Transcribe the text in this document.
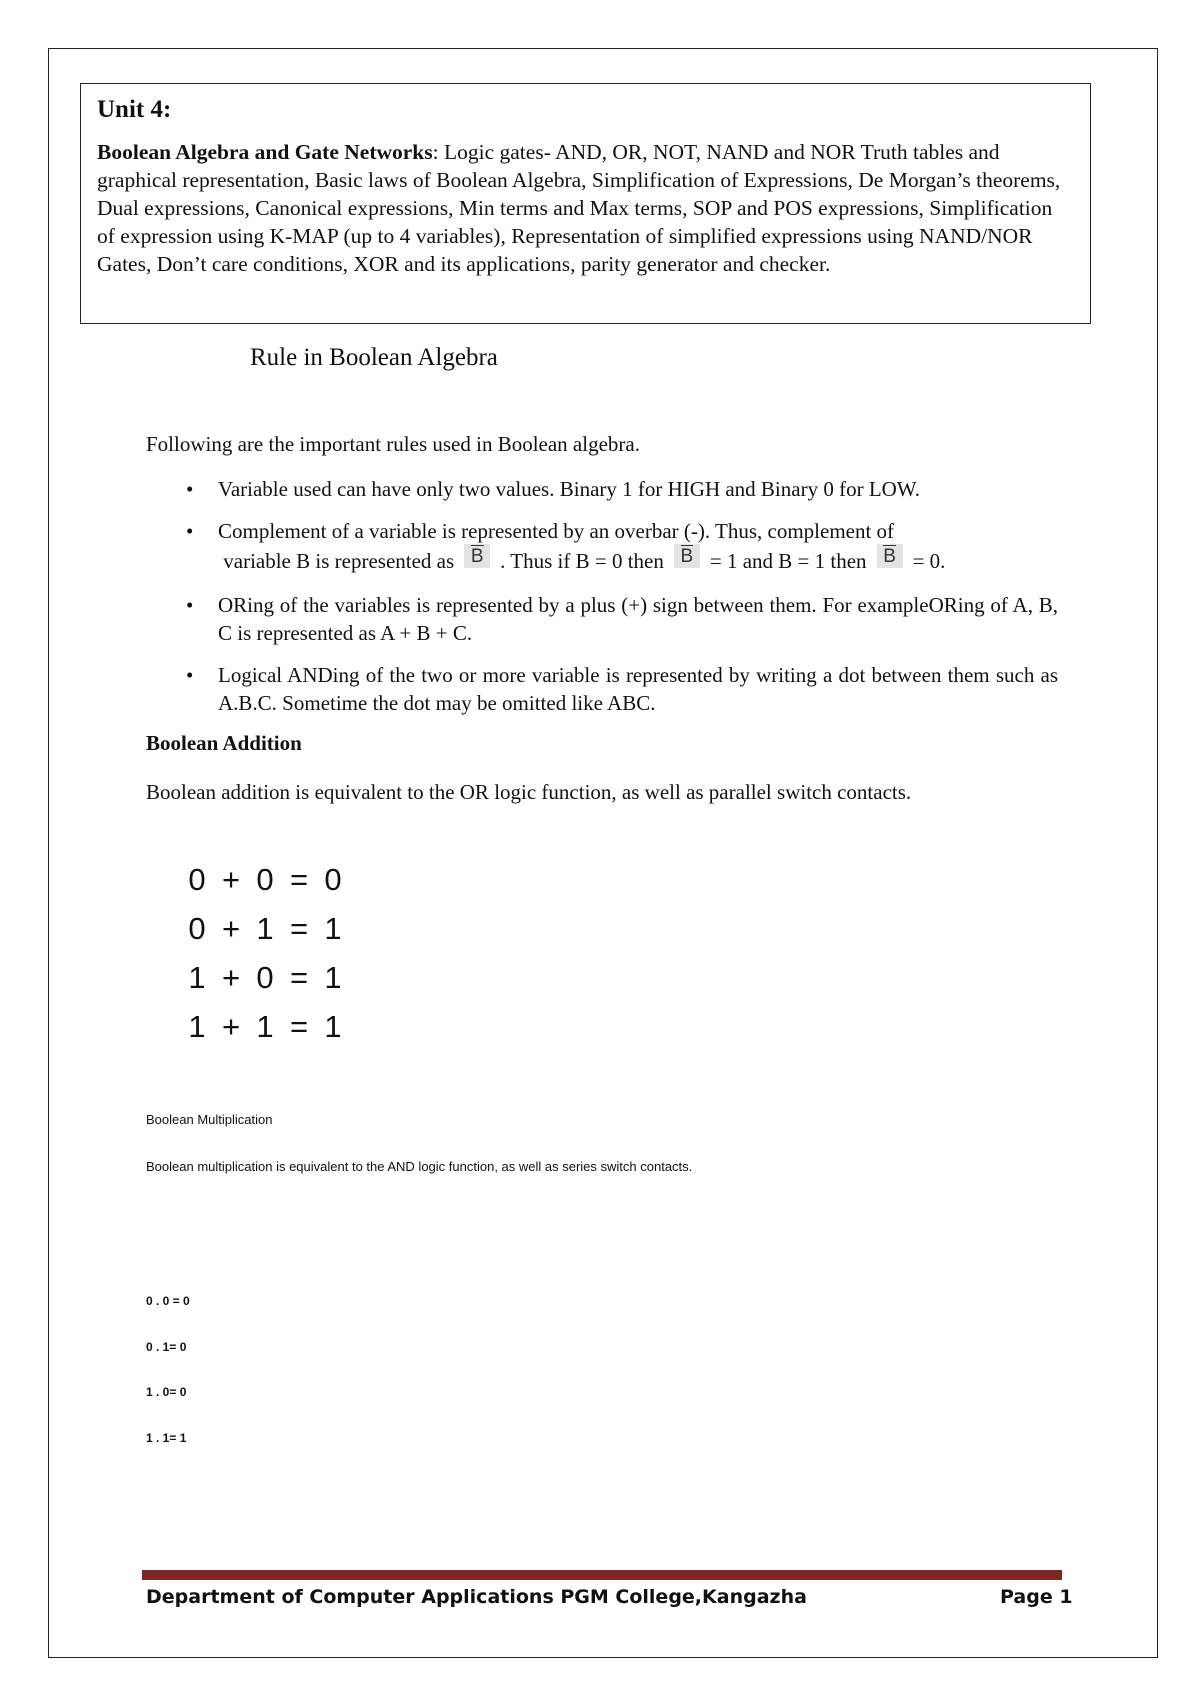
Unit 4:

Boolean Algebra and Gate Networks: Logic gates- AND, OR, NOT, NAND and NOR Truth tables and graphical representation, Basic laws of Boolean Algebra, Simplification of Expressions, De Morgan’s theorems, Dual expressions, Canonical expressions, Min terms and Max terms, SOP and POS expressions, Simplification of expression using K-MAP (up to 4 variables), Representation of simplified expressions using NAND/NOR Gates, Don’t care conditions, XOR and its applications, parity generator and checker.

Rule in Boolean Algebra

Following are the important rules used in Boolean algebra.

• Variable used can have only two values. Binary 1 for HIGH and Binary 0 for LOW.
• Complement of a variable is represented by an overbar (-). Thus, complement of
variable B is represented as B . Thus if B = 0 then B = 1 and B = 1 then B = 0.
• ORing of the variables is represented by a plus (+) sign between them. For exampleORing of A, B, C is represented as A + B + C.
• Logical ANDing of the two or more variable is represented by writing a dot between them such as A.B.C. Sometime the dot may be omitted like ABC.
Boolean Addition

Boolean addition is equivalent to the OR logic function, as well as parallel switch contacts.

0 + 0 = 0
0 + 1 = 1
1 + 0 = 1
1 + 1 = 1
Boolean Multiplication
Boolean multiplication is equivalent to the AND logic function, as well as series switch contacts.
0 . 0 = 0
0 . 1= 0
1 . 0= 0
1 . 1= 1
Department of Computer Applications PGM College,Kangazha	Page 1
